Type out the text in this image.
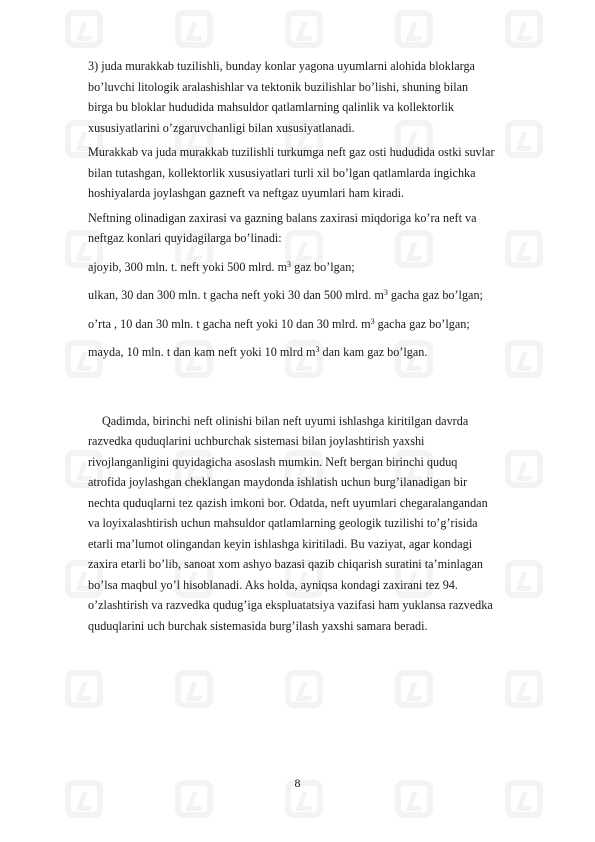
3) juda murakkab tuzilishli, bunday konlar yagona uyumlarni alohida bloklarga
bo’luvchi litologik aralashishlar va tektonik buzilishlar bo’lishi, shuning bilan
birga bu bloklar hududida mahsuldor qatlamlarning qalinlik va kollektorlik
xususiyatlarini o’zgaruvchanligi bilan xususiyatlanadi.
Murakkab va juda murakkab tuzilishli turkumga neft gaz osti hududida ostki suvlar
bilan tutashgan, kollektorlik xususiyatlari turli xil bo’lgan qatlamlarda ingichka
hoshiyalarda joylashgan gazneft va neftgaz uyumlari ham kiradi.
Neftning olinadigan zaxirasi va gazning balans zaxirasi miqdoriga ko’ra neft va
neftgaz konlari quyidagilarga bo’linadi:
ajoyib, 300 mln. t. neft yoki 500 mlrd. $m^3$ gaz bo’lgan;
ulkan, 30 dan 300 mln. t gacha neft yoki 30 dan 500 mlrd. $m^3$ gacha gaz bo’lgan;
o’rta , 10 dan 30 mln. t gacha neft yoki 10 dan 30 mlrd. $m^3$ gacha gaz bo’lgan;
mayda, 10 mln. t dan kam neft yoki 10 mlrd $m^3$ dan kam gaz bo’lgan.
Qadimda, birinchi neft olinishi bilan neft uyumi ishlashga kiritilgan davrda
razvedka quduqlarini uchburchak sistemasi bilan joylashtirish yaxshi
rivojlanganligini quyidagicha asoslash mumkin. Neft bergan birinchi quduq
atrofida joylashgan cheklangan maydonda ishlatish uchun burg’ilanadigan bir
nechta quduqlarni tez qazish imkoni bor. Odatda, neft uyumlari chegaralangandan
va loyixalashtirish uchun mahsuldor qatlamlarning geologik tuzilishi to’g’risida
etarli ma’lumot olingandan keyin ishlashga kiritiladi. Bu vaziyat, agar kondagi
zaxira etarli bo’lib, sanoat xom ashyo bazasi qazib chiqarish suratini ta’minlagan
bo’lsa maqbul yo’l hisoblanadi. Aks holda, ayniqsa kondagi zaxirani tez 94.
o’zlashtirish va razvedka qudug’iga ekspluatatsiya vazifasi ham yuklansa razvedka
quduqlarini uch burchak sistemasida burg’ilash yaxshi samara beradi.
8
